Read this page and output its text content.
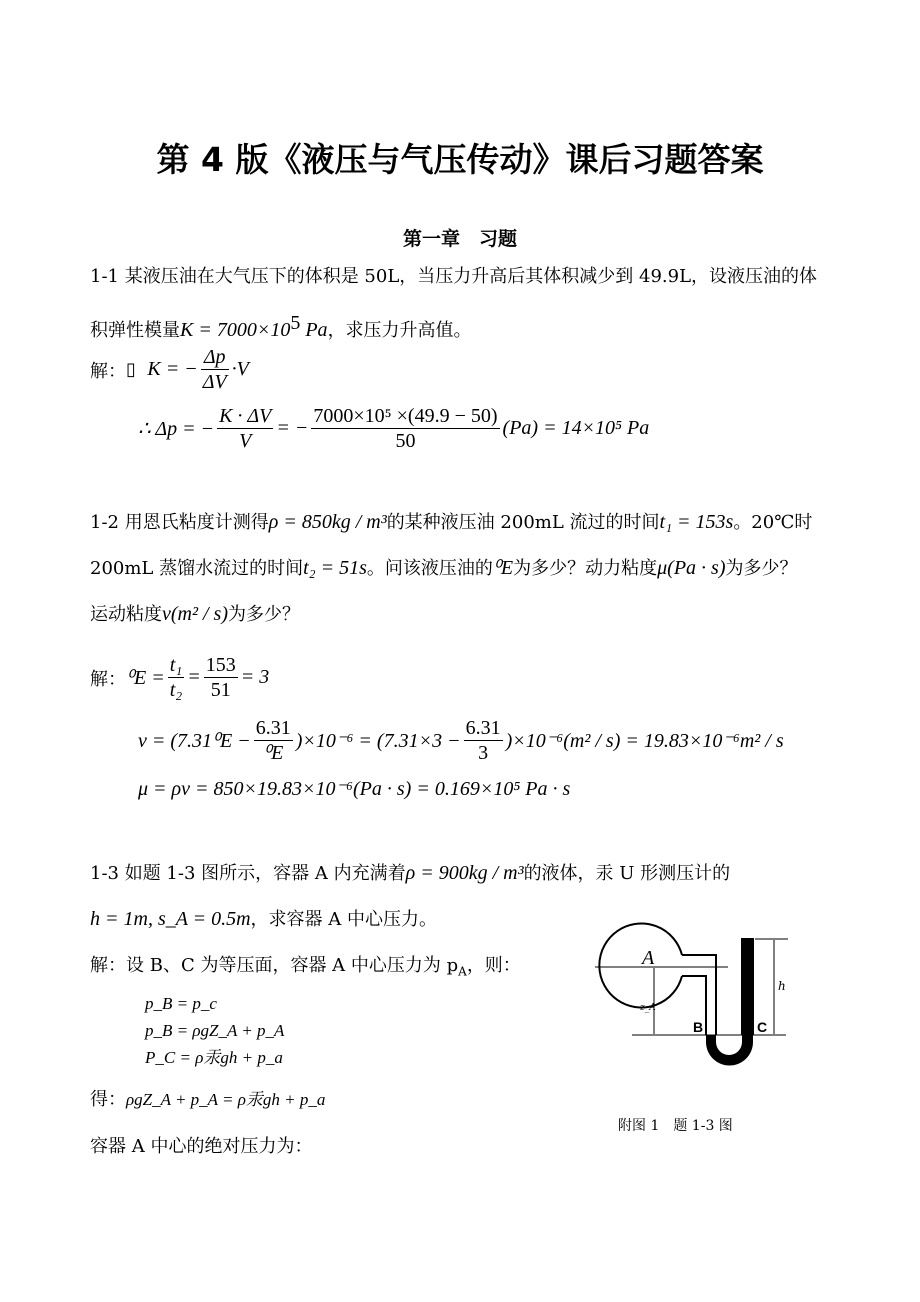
第 4 版《液压与气压传动》课后习题答案
第一章　习题
1-1 某液压油在大气压下的体积是 50L，当压力升高后其体积减少到 49.9L，设液压油的体
积弹性模量$K = 7000\times 10^5$ Pa，求压力升高值。
解： ▯
K = − $\frac{\Delta p}{\Delta V} \cdot V$
∴ Δp = − $\frac{K \cdot \Delta V}{V}$ = − $\frac{\text{7000×10⁵ ×(49.9 − 50)}}{50} (Pa) = 14\times 10^5$ Pa
1-2 用恩氏粘度计测得ρ = 850kg / m³的某种液压油 200mL 流过的时间t₁ = 153s。20℃时
200mL 蒸馏水流过的时间t₂ = 51s。问该液压油的⁰E为多少？动力粘度μ(Pa · s)为多少？
运动粘度ν(m² / s)为多少？
解： $^0E = \frac{\text{t₁}}{\text{t₂}} = \frac{153}{51} = 3$
$\nu = (7.31^0E - \frac{6.31}{\text{⁰E}} )\times 10^{-6} = (7.31\times 3 - \frac{6.31}{3} )\times 10^{-6}(m^2 / s) = 19.83\times 10^{-6}m^2 / s$
μ = ρν = 850×19.83×10⁻⁶(Pa · s) = 0.169×10⁵ Pa · s
1-3 如题 1-3 图所示，容器 A 内充满着ρ = 900kg / m³的液体，汞 U 形测压计的
h = 1m, s_A = 0.5m，求容器 A 中心压力。
解：设 B、C 为等压面，容器 A 中心压力为 $p_A$，则：
p_B = p_c
p_B = ρgZ_A + p_A
P_C = ρ汞gh + p_a
得：ρgZ_A + p_A = ρ汞gh + p_a
容器 A 中心的绝对压力为：
A
B	C
h
z_A
附图 1　题 1-3 图
